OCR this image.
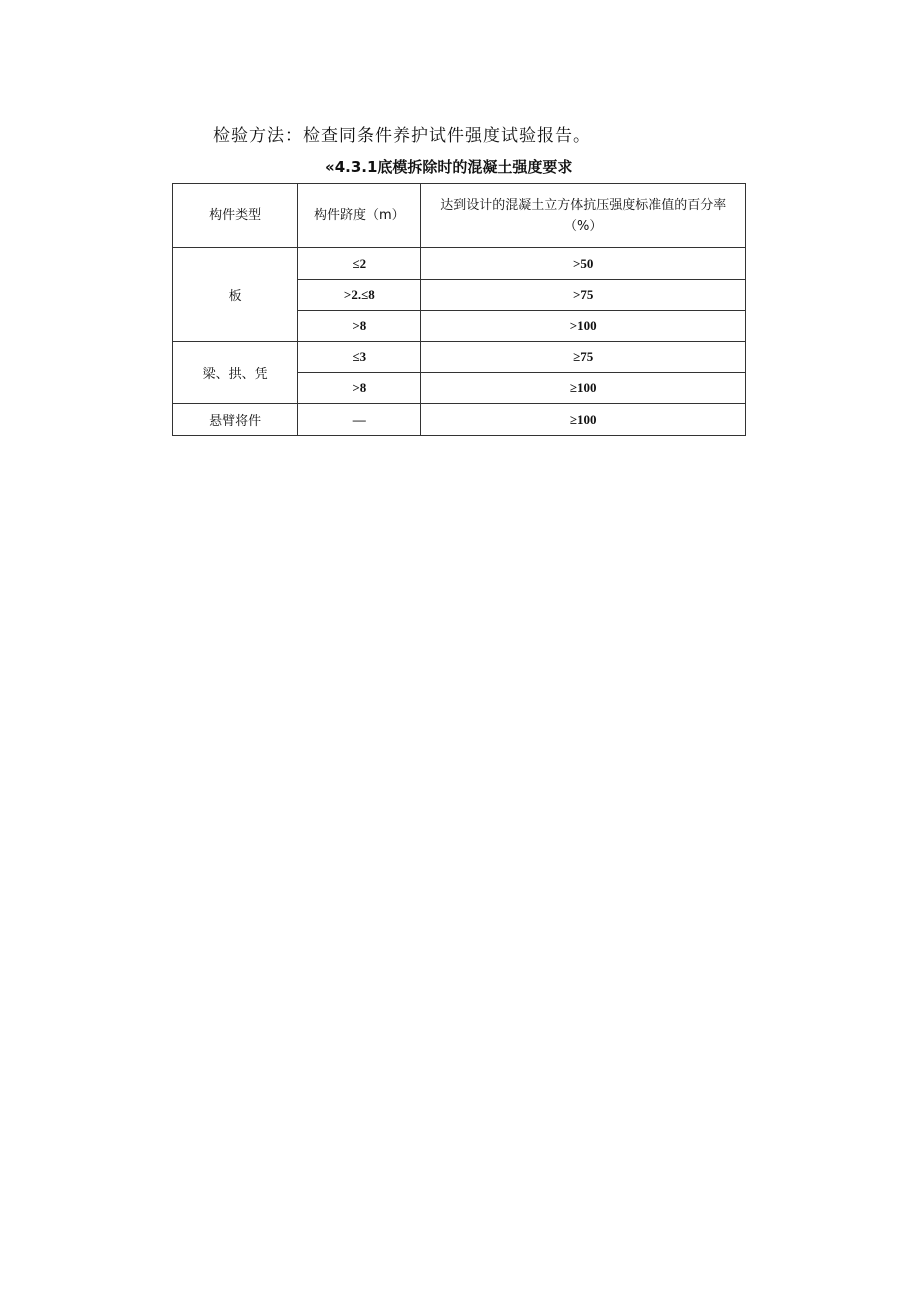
检验方法：检查同条件养护试件强度试验报告。
«4.3.1底模拆除时的混凝土强度要求
构件类型	构件跻度（m）	达到设计的混凝土立方体抗压强度标准值的百分率
（%）
板	≤2	>50
	>2.≤8	>75
	>8	>100
梁、拱、凭	≤3	≥75
	>8	≥100
悬臂将件	—	≥100
